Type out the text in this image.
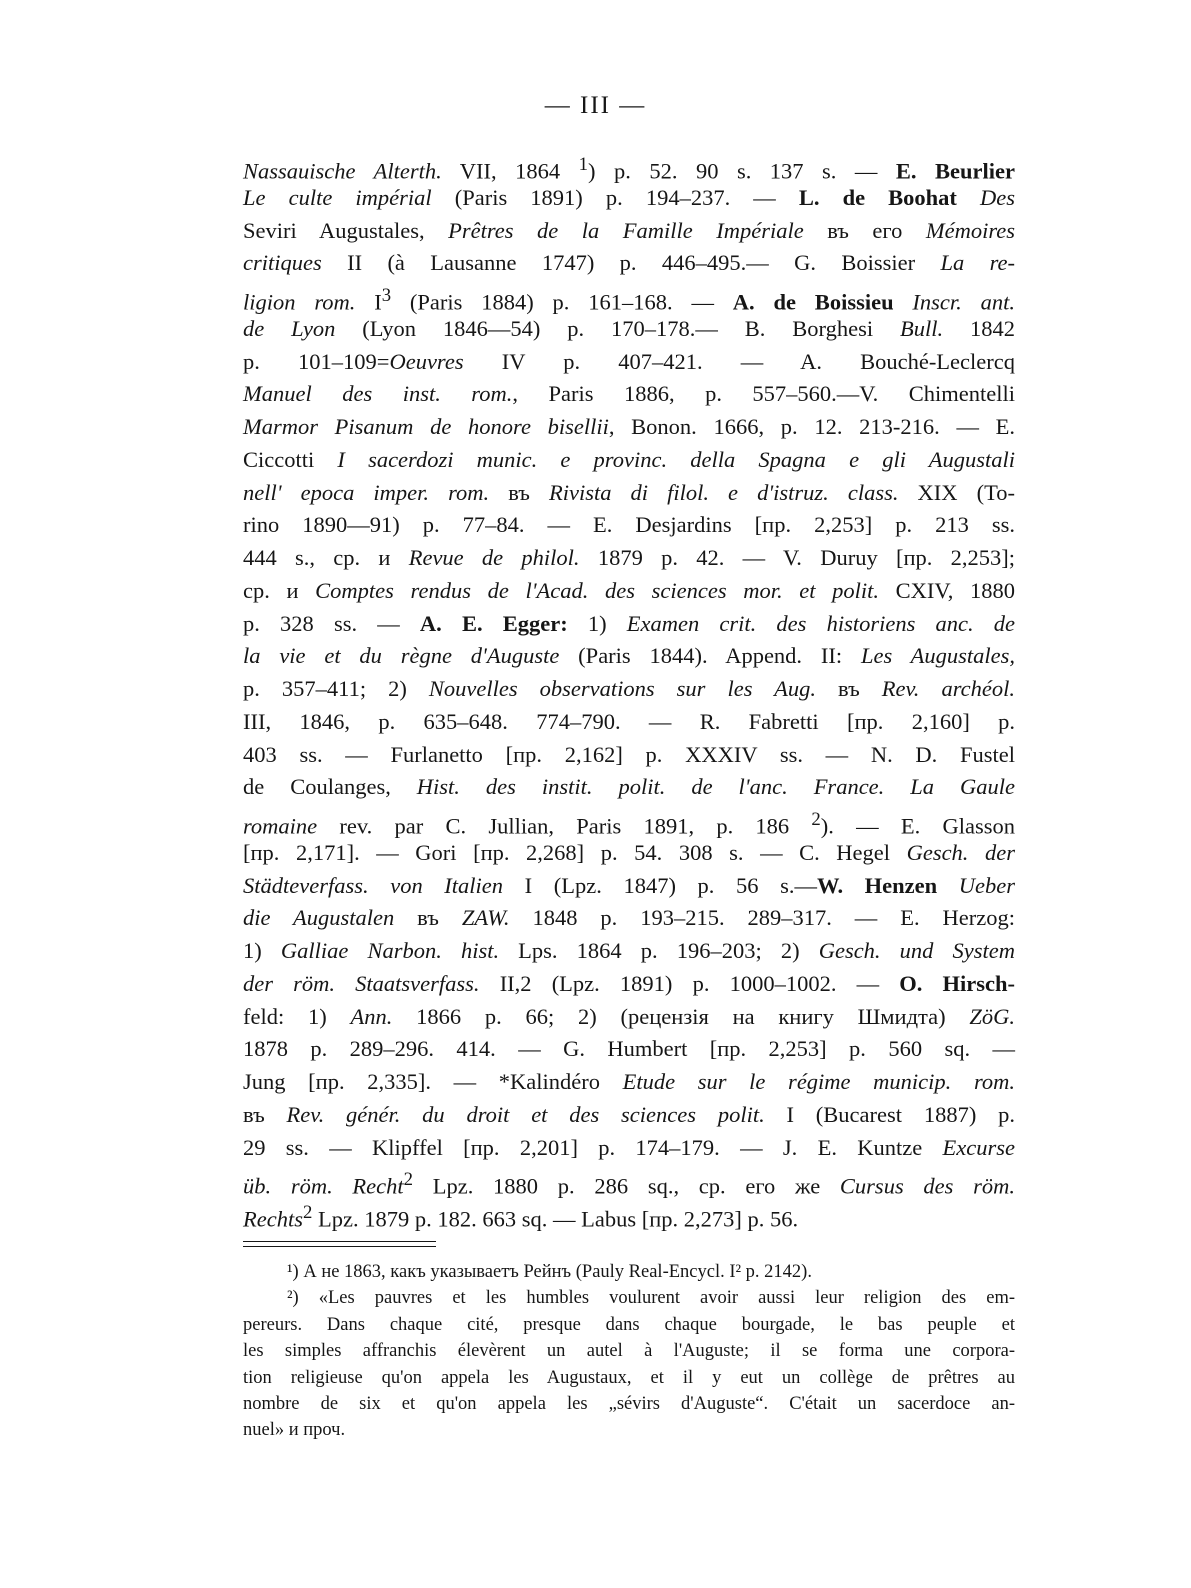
— III —
Nassauische Alterth. VII, 1864 $^1$) p. 52. 90 s. 137 s. — E. Beurlier
Le culte impérial (Paris 1891) p. 194–237. — L. de Boohat Des
Seviri Augustales, Prêtres de la Famille Impériale въ его Mémoires
critiques II (à Lausanne 1747) p. 446–495.— G. Boissier La re-
ligion rom. $I^3$ (Paris 1884) p. 161–168. — A. de Boissieu Inscr. ant.
de Lyon (Lyon 1846—54) p. 170–178.— B. Borghesi Bull. 1842
p. 101–109=Oeuvres IV p. 407–421. — A. Bouché-Leclercq
Manuel des inst. rom., Paris 1886, p. 557–560.—V. Chimentelli
Marmor Pisanum de honore bisellii, Bonon. 1666, p. 12. 213-216. — E.
Ciccotti I sacerdozi munic. e provinc. della Spagna e gli Augustali
nell' epoca imper. rom. въ Rivista di filol. e d'istruz. class. XIX (To-
rino 1890—91) p. 77–84. — E. Desjardins [пр. 2,253] p. 213 ss.
444 s., ср. и Revue de philol. 1879 p. 42. — V. Duruy [пр. 2,253];
ср. и Comptes rendus de l'Acad. des sciences mor. et polit. CXIV, 1880
p. 328 ss. — A. E. Egger: 1) Examen crit. des historiens anc. de
la vie et du règne d'Auguste (Paris 1844). Append. II: Les Augustales,
p. 357–411; 2) Nouvelles observations sur les Aug. въ Rev. archéol.
III, 1846, p. 635–648. 774–790. — R. Fabretti [пр. 2,160] p.
403 ss. — Furlanetto [пр. 2,162] p. XXXIV ss. — N. D. Fustel
de Coulanges, Hist. des instit. polit. de l'anc. France. La Gaule
romaine rev. par C. Jullian, Paris 1891, p. 186 $^2$). — E. Glasson
[пр. 2,171]. — Gori [пр. 2,268] p. 54. 308 s. — C. Hegel Gesch. der
Städteverfass. von Italien I (Lpz. 1847) p. 56 s.—W. Henzen Ueber
die Augustalen въ ZAW. 1848 p. 193–215. 289–317. — E. Herzog:
1) Galliae Narbon. hist. Lps. 1864 p. 196–203; 2) Gesch. und System
der röm. Staatsverfass. II,2 (Lpz. 1891) p. 1000–1002. — O. Hirsch-
feld: 1) Ann. 1866 p. 66; 2) (рецензія на книгу Шмидта) ZöG.
1878 p. 289–296. 414. — G. Humbert [пр. 2,253] p. 560 sq. —
Jung [пр. 2,335]. — *Kalindéro Etude sur le régime municip. rom.
въ Rev. génér. du droit et des sciences polit. I (Bucarest 1887) p.
29 ss. — Klipffel [пр. 2,201] p. 174–179. — J. E. Kuntze Excurse
üb. röm. Recht$^2$ Lpz. 1880 p. 286 sq., ср. его же Cursus des röm.
Rechts$^2$ Lpz. 1879 p. 182. 663 sq. — Labus [пр. 2,273] p. 56.
¹) А не 1863, какъ указываетъ Рейнъ (Pauly Real-Encycl. I² p. 2142).
²) «Les pauvres et les humbles voulurent avoir aussi leur religion des em-
pereurs. Dans chaque cité, presque dans chaque bourgade, le bas peuple et
les simples affranchis élevèrent un autel à l'Auguste; il se forma une corpora-
tion religieuse qu'on appela les Augustaux, et il y eut un collège de prêtres au
nombre de six et qu'on appela les „sévirs d'Auguste“. C'était un sacerdoce an-
nuel» и проч.
